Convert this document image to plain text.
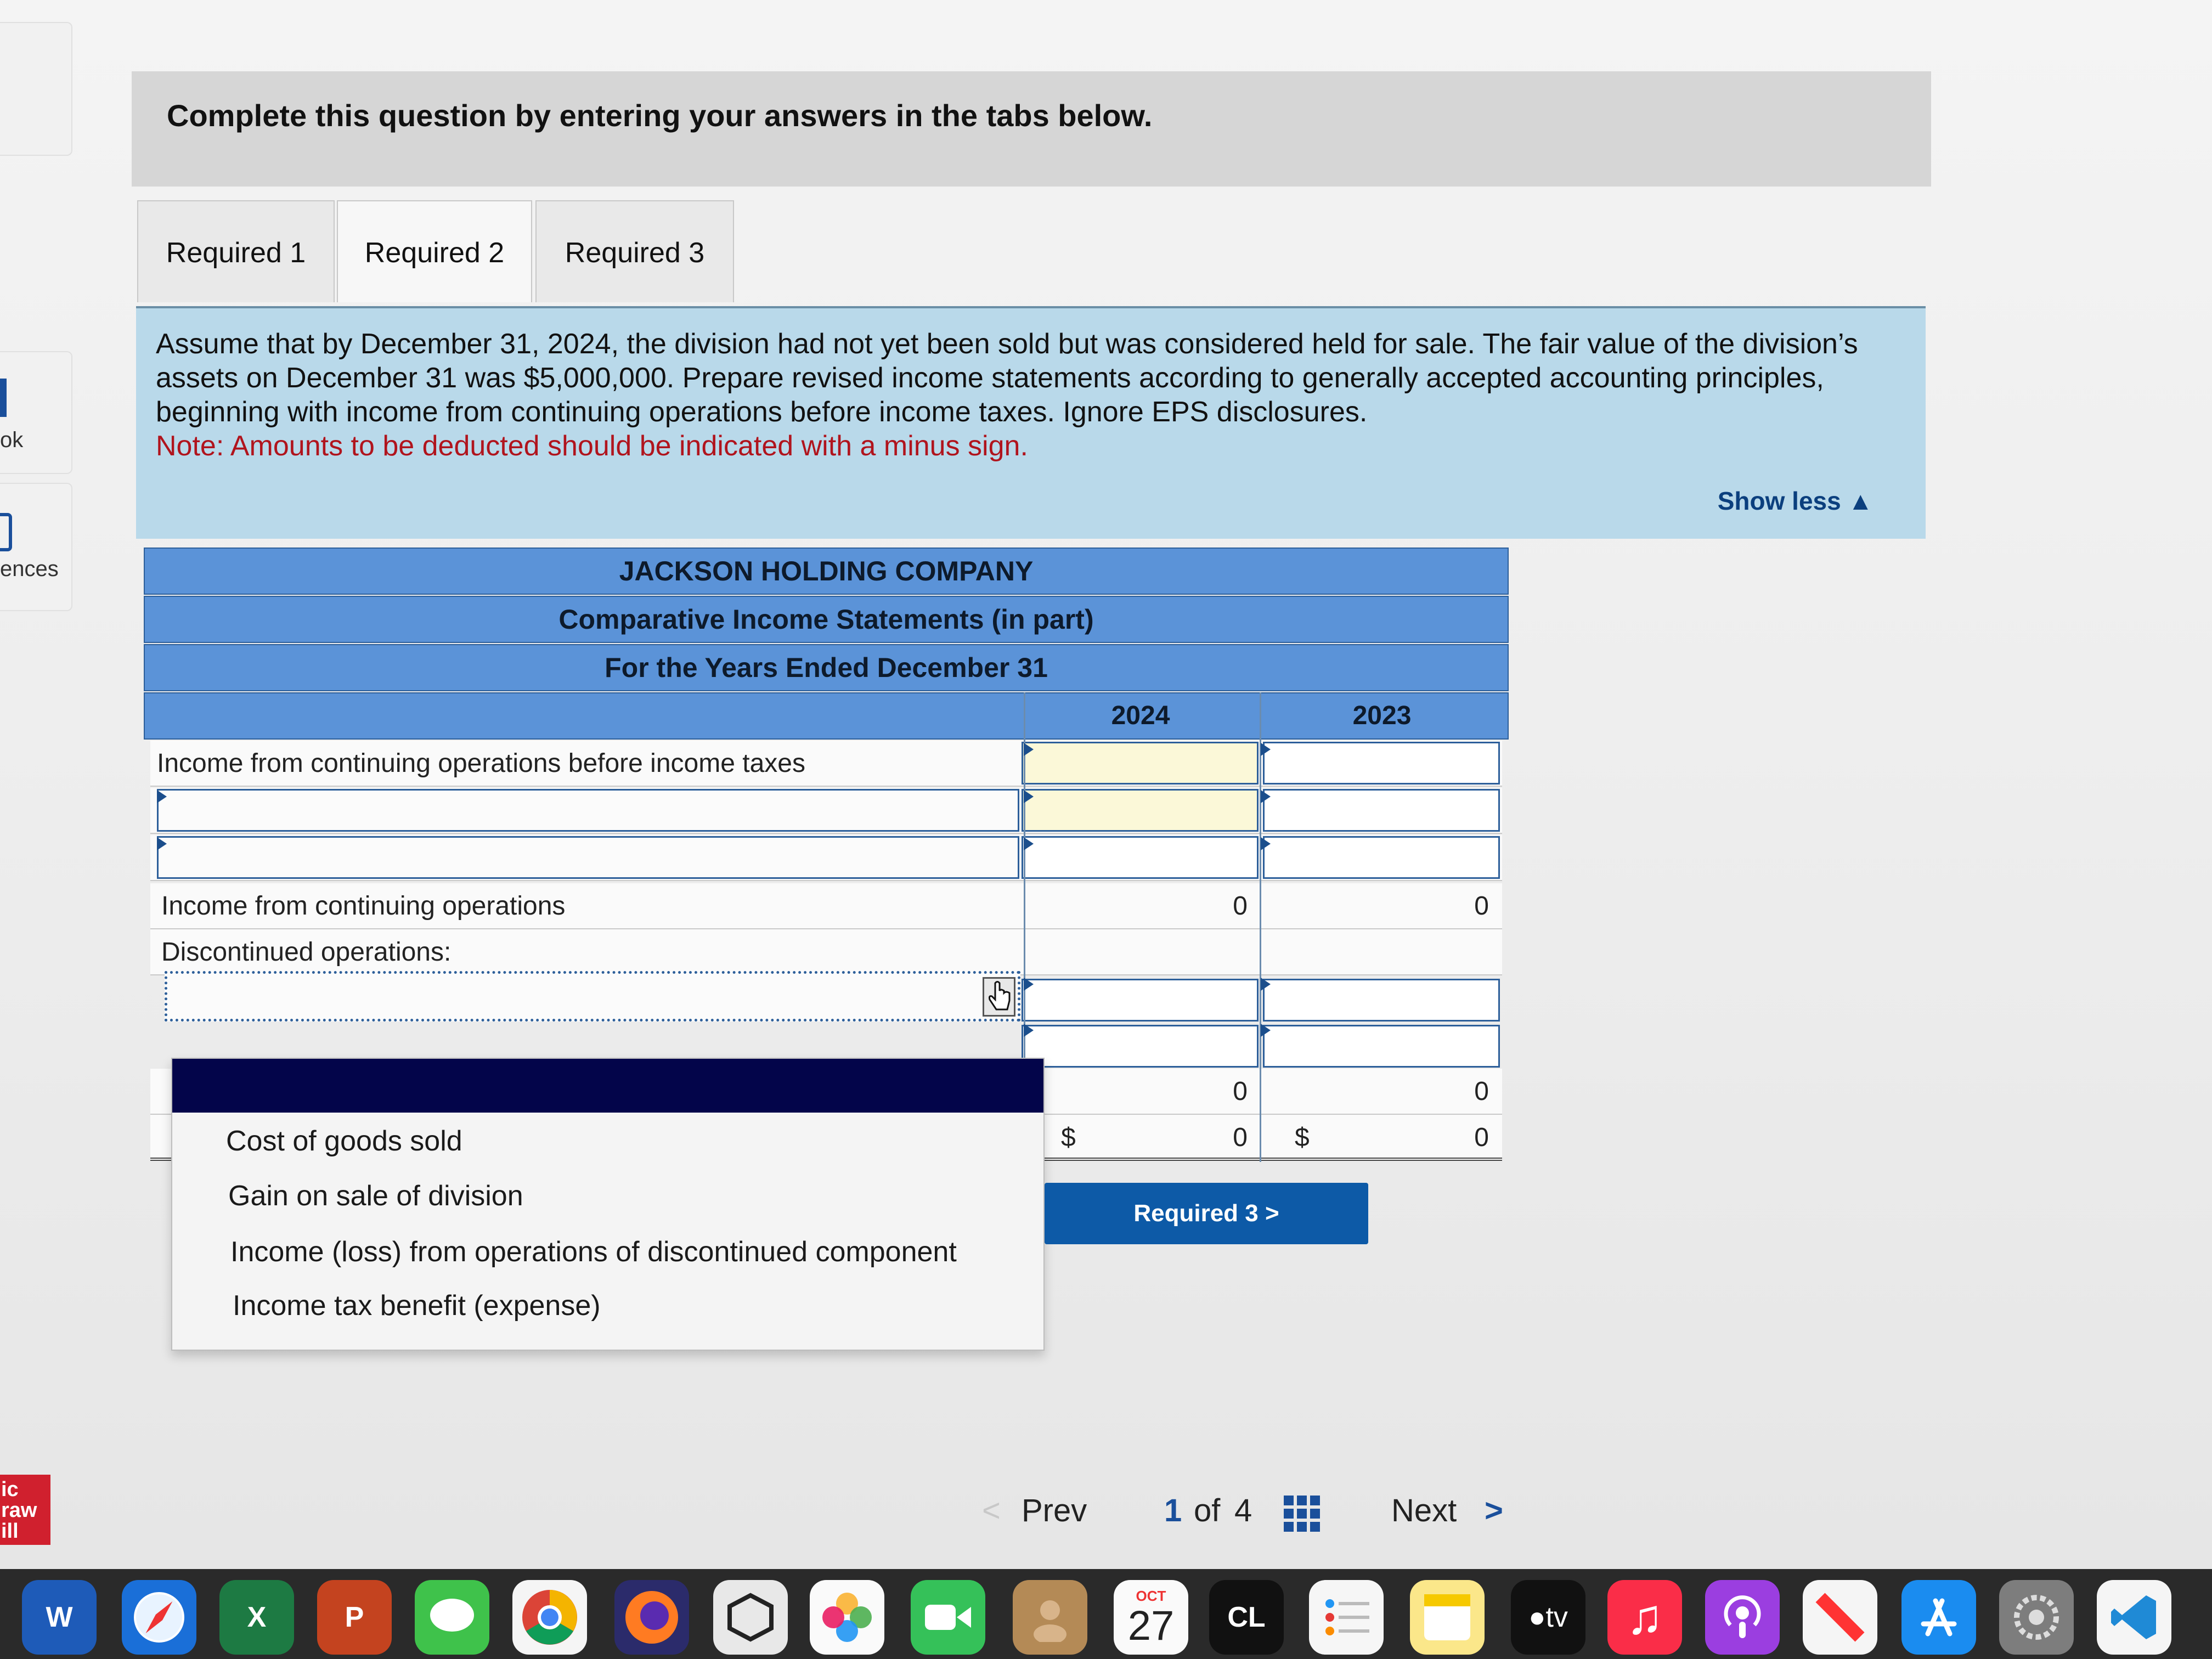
ok
ences
ic
raw
ill
Complete this question by entering your answers in the tabs below.
Required 1	Required 2	Required 3
Assume that by December 31, 2024, the division had not yet been sold but was considered held for sale. The fair value of the division’s assets on December 31 was $5,000,000. Prepare revised income statements according to generally accepted accounting principles, beginning with income from continuing operations before income taxes. Ignore EPS disclosures.
Note: Amounts to be deducted should be indicated with a minus sign.
Show less ▲
JACKSON HOLDING COMPANY
Comparative Income Statements (in part)
For the Years Ended December 31
2024	2023
Income from continuing operations before income taxes
Income from continuing operations	0	0
Discontinued operations:
0	0
$	0 $	0
Cost of goods sold
Gain on sale of division
Income (loss) from operations of discontinued component
Income tax benefit (expense)
Required 3 >
< Prev 1 of 4	Next >
W	X	P
OCT
27	CL	● tv	♫
